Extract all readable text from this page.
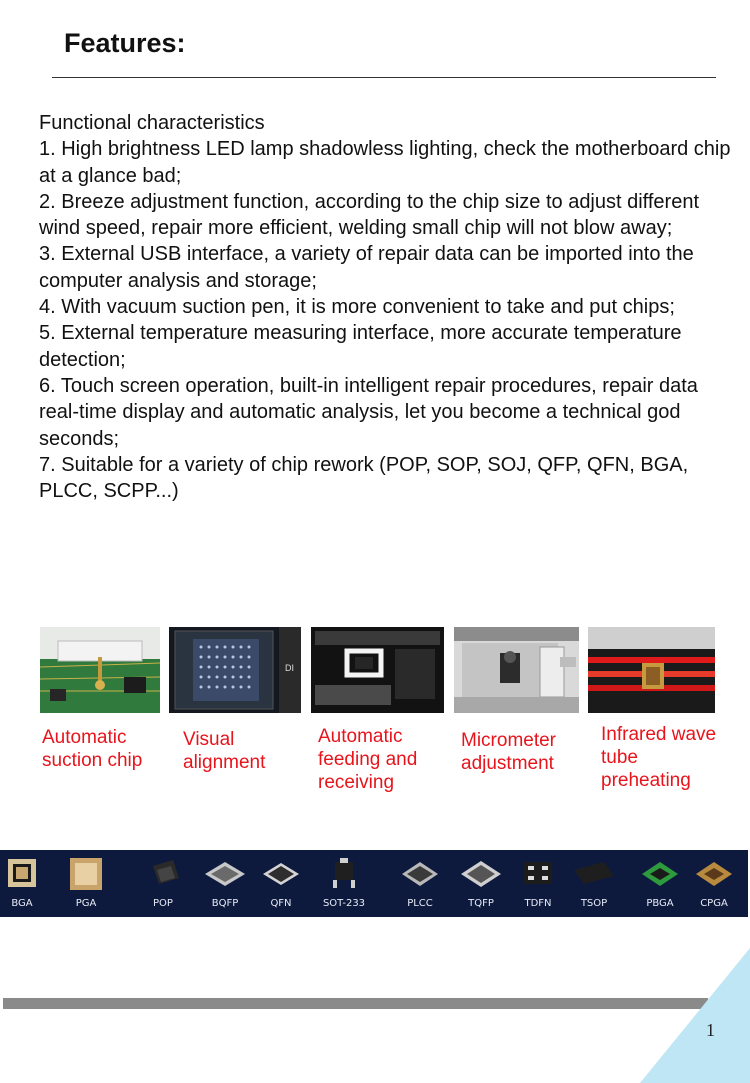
Features:
Functional characteristics
1. High brightness LED lamp shadowless lighting, check the motherboard chip at a glance bad;
2. Breeze adjustment function, according to the chip size to adjust different wind speed, repair more efficient, welding small chip will not blow away;
3. External USB interface, a variety of repair data can be imported into the computer analysis and storage;
4. With vacuum suction pen, it is more convenient to take and put chips;
5. External temperature measuring interface, more accurate temperature detection;
6. Touch screen operation, built-in intelligent repair procedures, repair data real-time display and automatic analysis, let you become a technical god seconds;
7. Suitable for a variety of chip rework (POP, SOP, SOJ, QFP, QFN, BGA, PLCC, SCPP...)
DI
Automatic suction chip
Visual alignment
Automatic feeding and receiving
Micrometer adjustment
Infrared wave tube preheating
BGA	PGA	POP	BQFP	QFN	SOT-233	PLCC	TQFP	TDFN	TSOP	PBGA	CPGA
1
